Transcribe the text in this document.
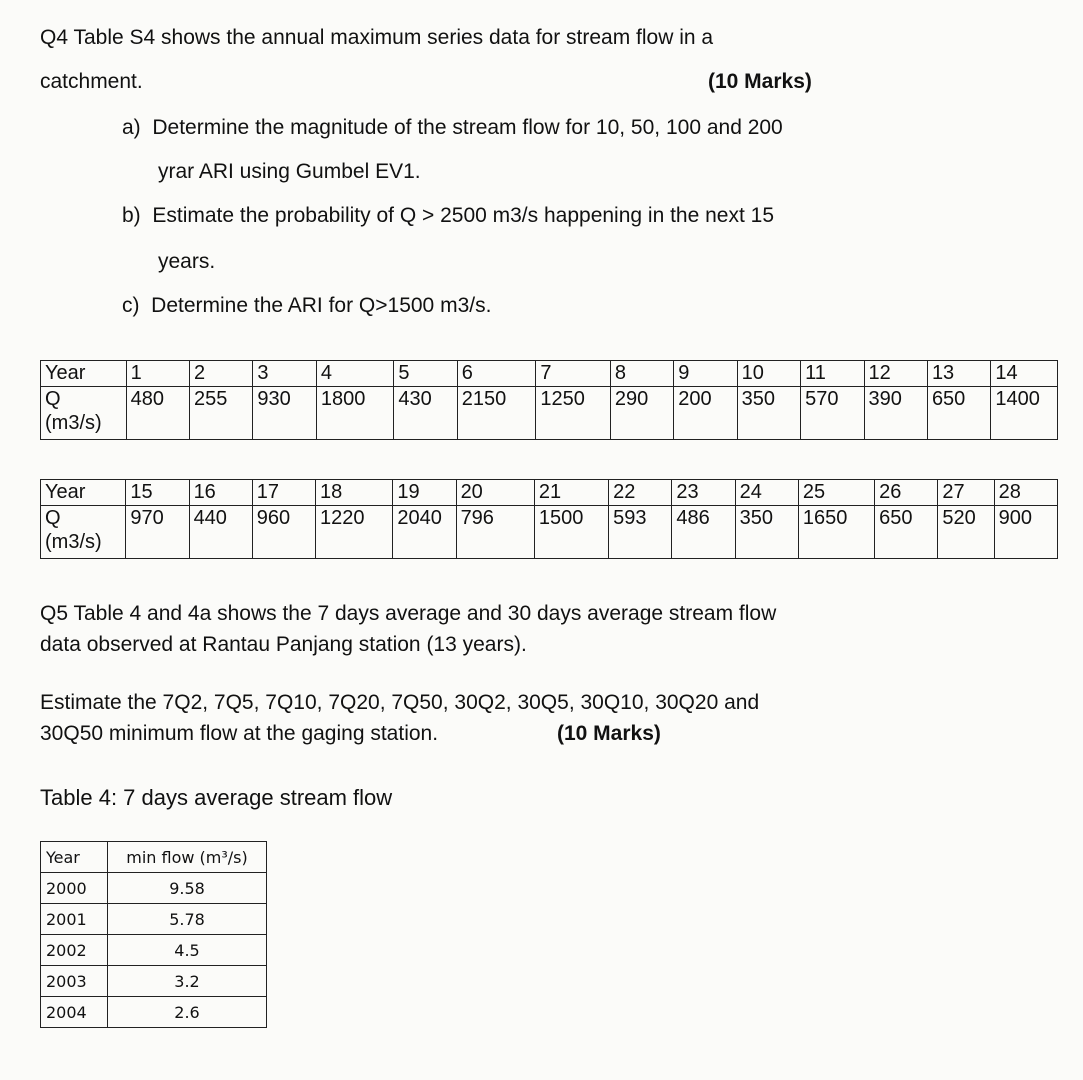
Q4 Table S4 shows the annual maximum series data for stream flow in a
catchment.	(10 Marks)
a) Determine the magnitude of the stream flow for 10, 50, 100 and 200
yrar ARI using Gumbel EV1.
b) Estimate the probability of Q > 2500 m3/s happening in the next 15
years.
c) Determine the ARI for Q>1500 m3/s.
Year	1	2	3	4	5	6	7	8	9	10	11	12	13	14
Q
(m3/s)	480	255	930	1800	430	2150	1250	290	200	350	570	390	650	1400
Year	15	16	17	18	19	20	21	22	23	24	25	26	27	28
Q
(m3/s)	970	440	960	1220	2040	796	1500	593	486	350	1650	650	520	900
Q5 Table 4 and 4a shows the 7 days average and 30 days average stream flow
data observed at Rantau Panjang station (13 years).
Estimate the 7Q2, 7Q5, 7Q10, 7Q20, 7Q50, 30Q2, 30Q5, 30Q10, 30Q20 and
30Q50 minimum flow at the gaging station.	(10 Marks)
Table 4: 7 days average stream flow
Year	min flow (m³/s)
2000	9.58
2001	5.78
2002	4.5
2003	3.2
2004	2.6
